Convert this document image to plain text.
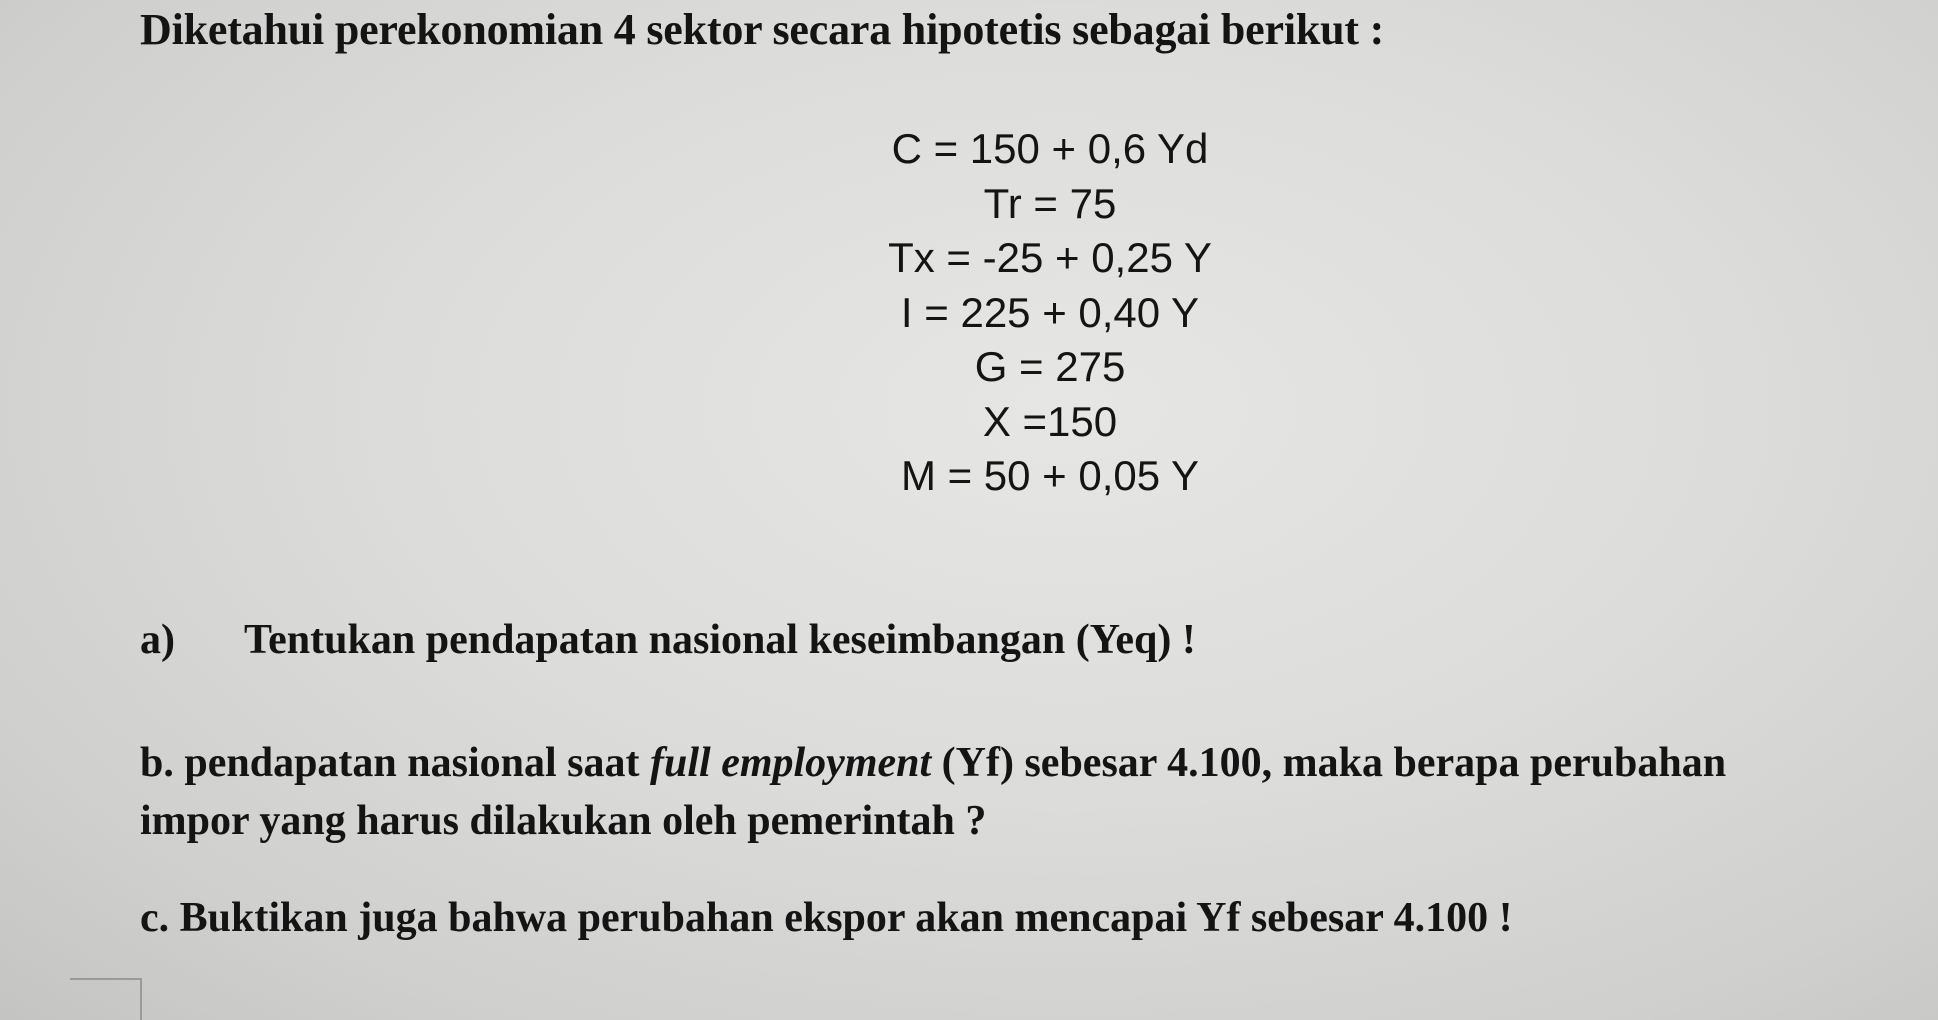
Diketahui perekonomian 4 sektor secara hipotetis sebagai berikut :
C = 150 + 0,6 Yd
Tr = 75
Tx = -25 + 0,25 Y
I = 225 + 0,40 Y
G = 275
X =150
M = 50 + 0,05 Y
a) Tentukan pendapatan nasional keseimbangan (Yeq) !
b. pendapatan nasional saat full employment (Yf) sebesar 4.100, maka berapa perubahan
impor yang harus dilakukan oleh pemerintah ?
c. Buktikan juga bahwa perubahan ekspor akan mencapai Yf sebesar 4.100 !
